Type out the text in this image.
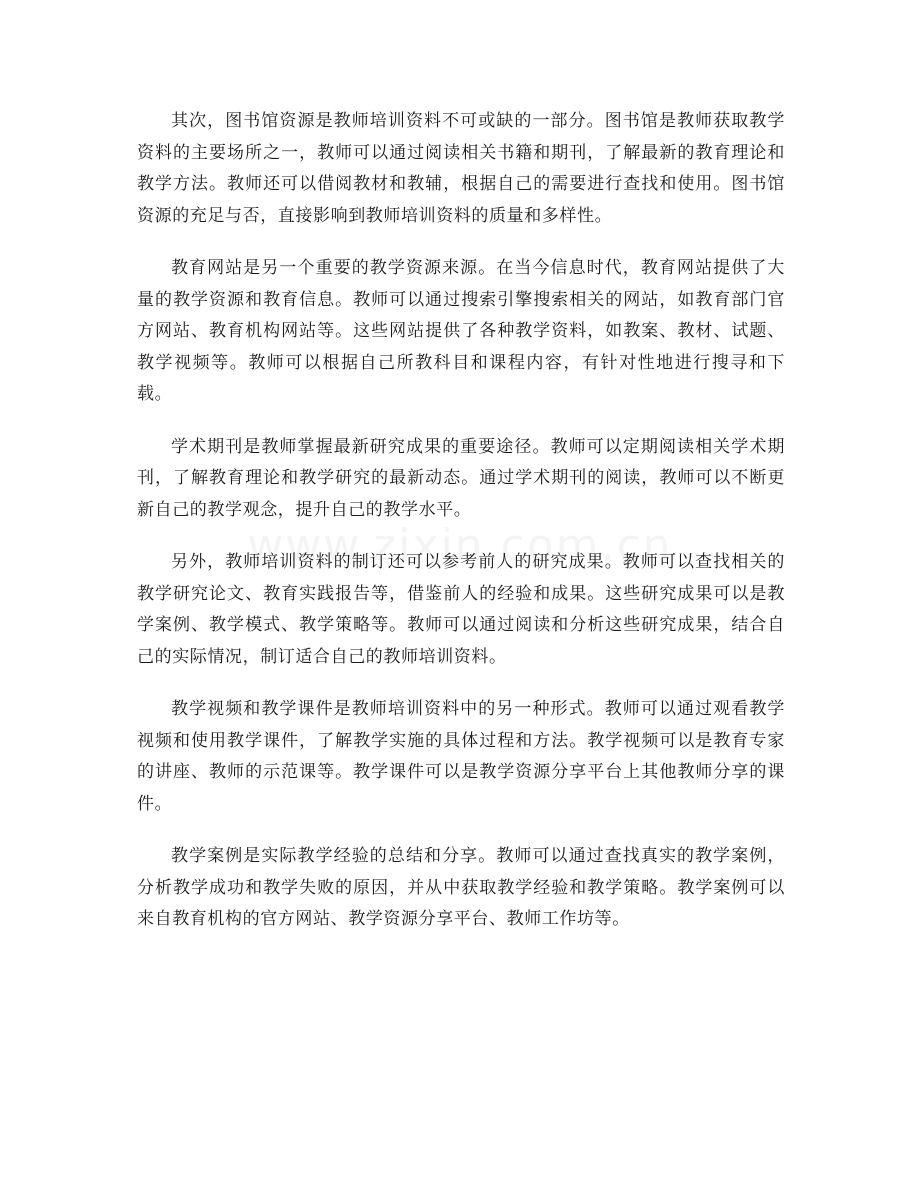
其次，图书馆资源是教师培训资料不可或缺的一部分。图书馆是教师获取教学资料的主要场所之一，教师可以通过阅读相关书籍和期刊，了解最新的教育理论和教学方法。教师还可以借阅教材和教辅，根据自己的需要进行查找和使用。图书馆资源的充足与否，直接影响到教师培训资料的质量和多样性。

教育网站是另一个重要的教学资源来源。在当今信息时代，教育网站提供了大量的教学资源和教育信息。教师可以通过搜索引擎搜索相关的网站，如教育部门官方网站、教育机构网站等。这些网站提供了各种教学资料，如教案、教材、试题、教学视频等。教师可以根据自己所教科目和课程内容，有针对性地进行搜寻和下载。

学术期刊是教师掌握最新研究成果的重要途径。教师可以定期阅读相关学术期刊，了解教育理论和教学研究的最新动态。通过学术期刊的阅读，教师可以不断更新自己的教学观念，提升自己的教学水平。

另外，教师培训资料的制订还可以参考前人的研究成果。教师可以查找相关的教学研究论文、教育实践报告等，借鉴前人的经验和成果。这些研究成果可以是教学案例、教学模式、教学策略等。教师可以通过阅读和分析这些研究成果，结合自己的实际情况，制订适合自己的教师培训资料。

教学视频和教学课件是教师培训资料中的另一种形式。教师可以通过观看教学视频和使用教学课件，了解教学实施的具体过程和方法。教学视频可以是教育专家的讲座、教师的示范课等。教学课件可以是教学资源分享平台上其他教师分享的课件。

教学案例是实际教学经验的总结和分享。教师可以通过查找真实的教学案例，分析教学成功和教学失败的原因，并从中获取教学经验和教学策略。教学案例可以来自教育机构的官方网站、教学资源分享平台、教师工作坊等。
